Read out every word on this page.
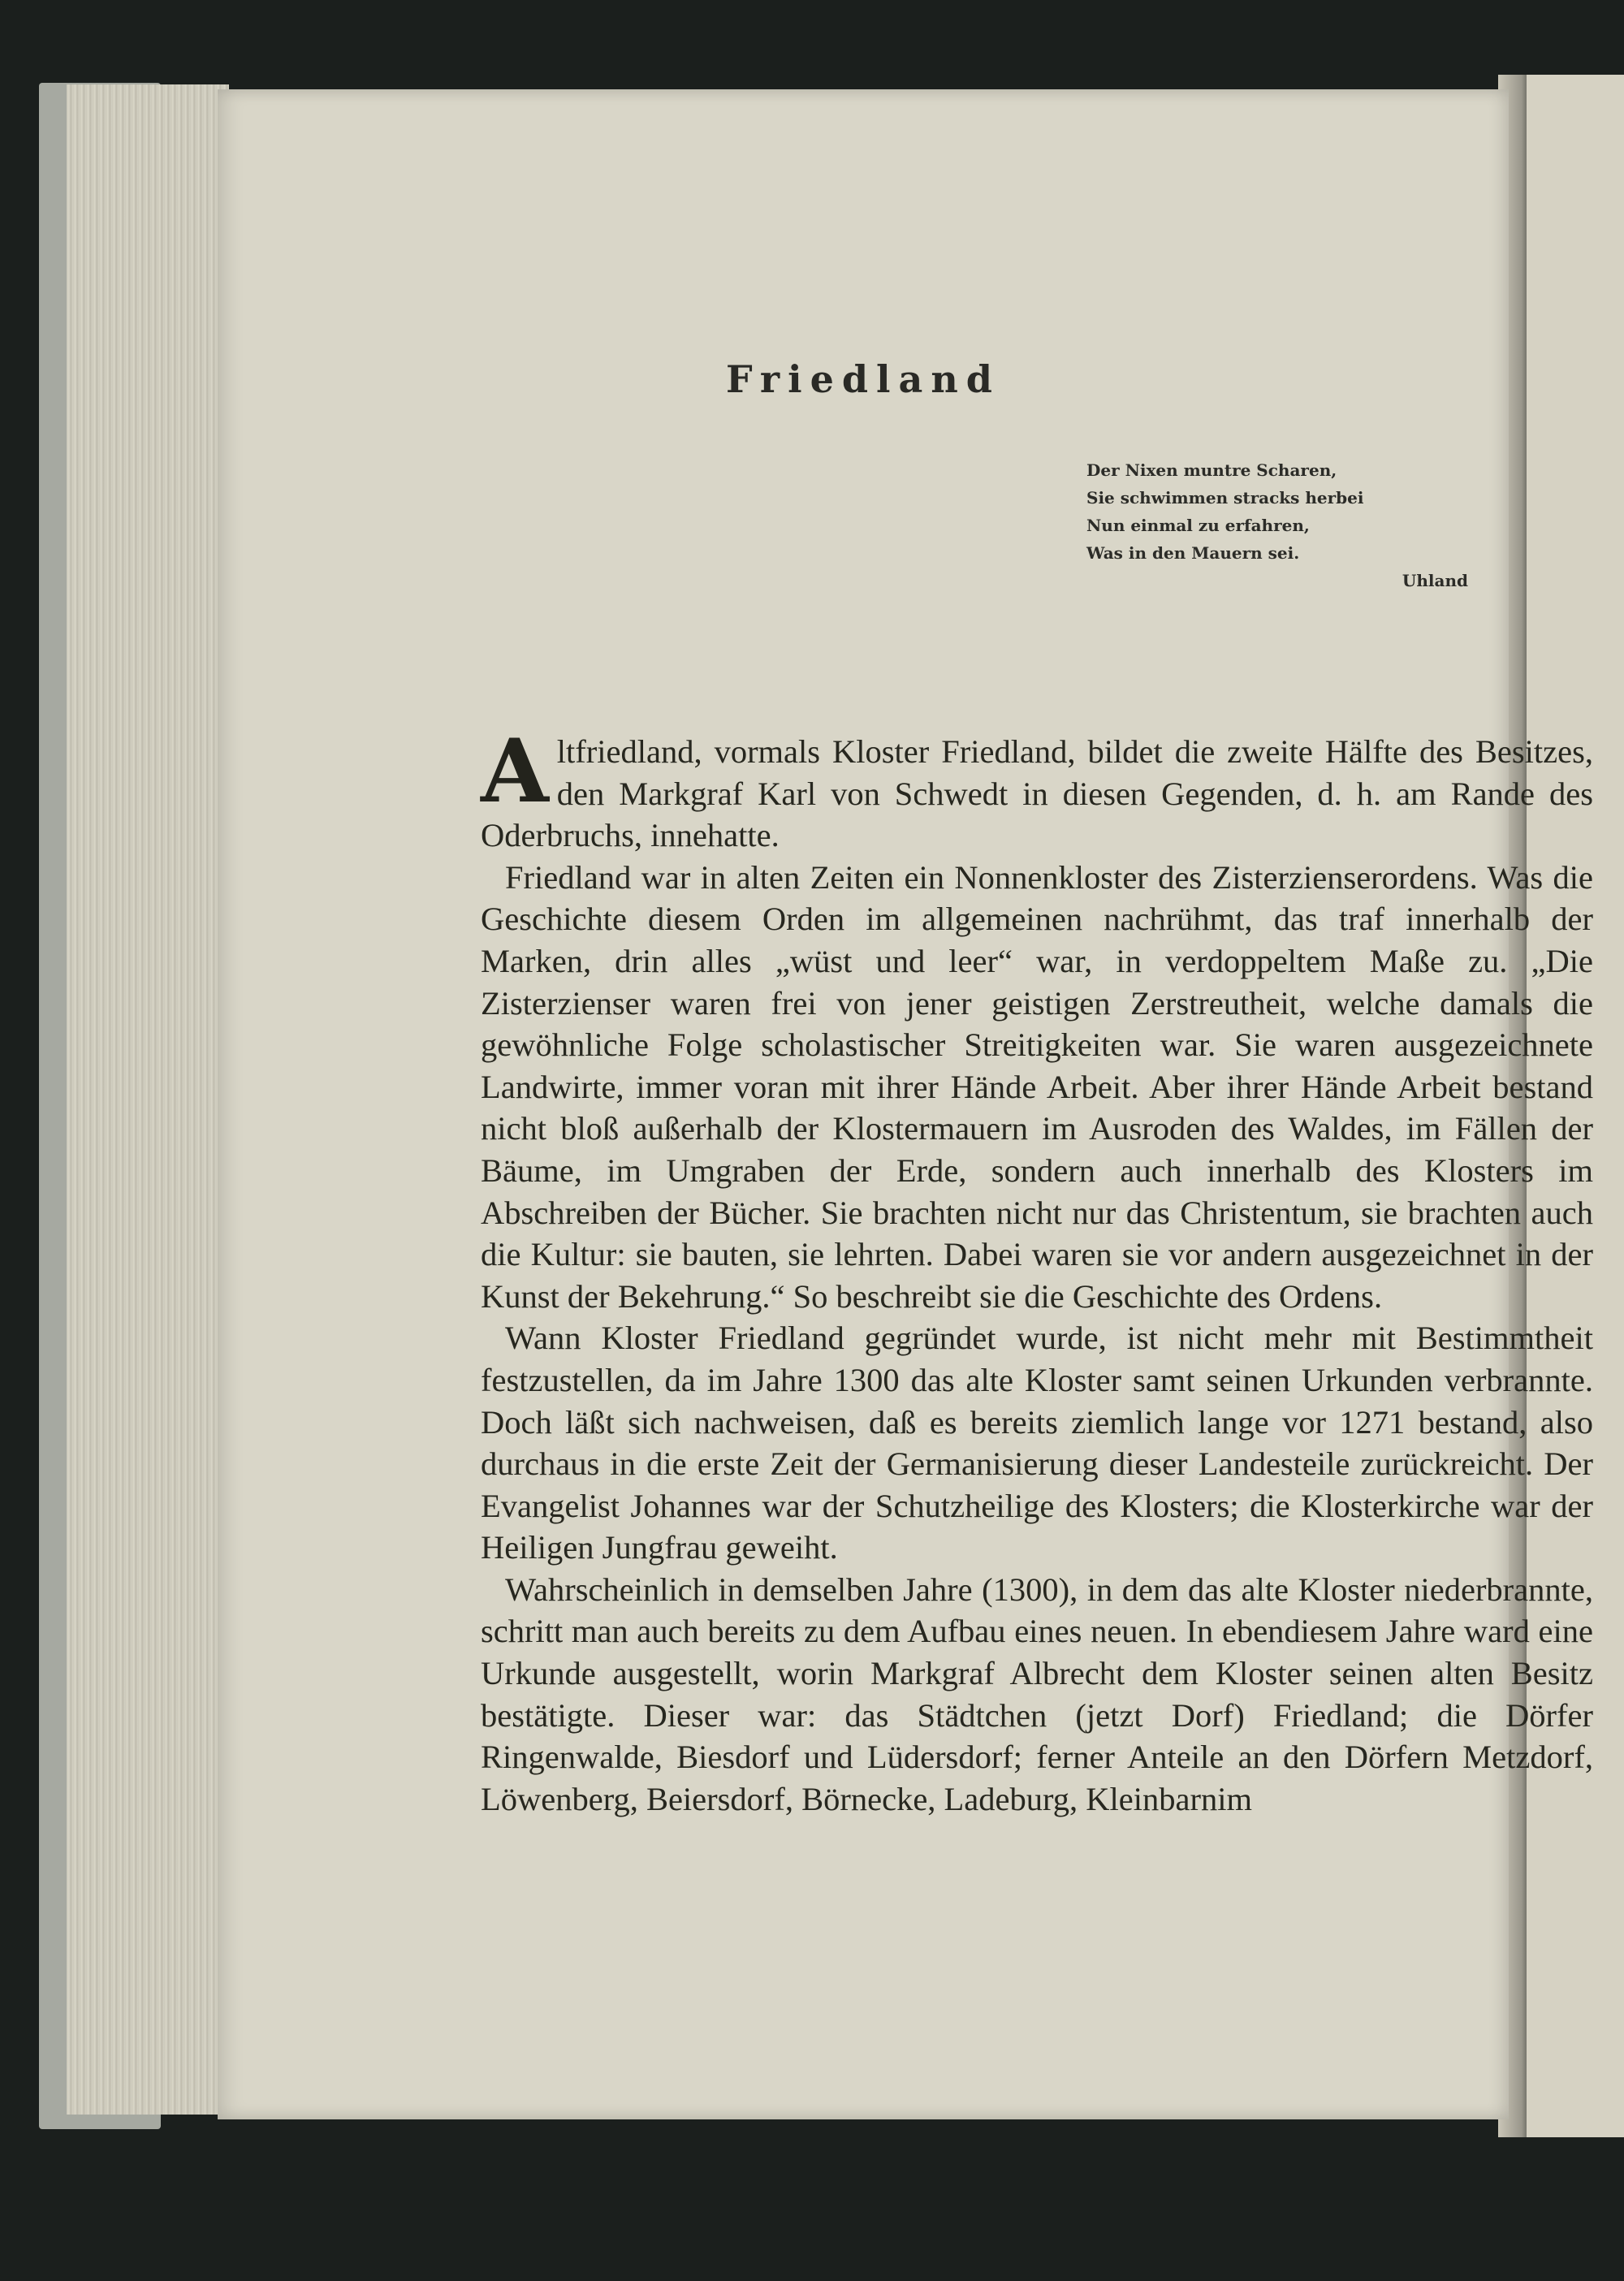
Friedland
Der Nixen muntre Scharen,
Sie schwimmen stracks herbei
Nun einmal zu erfahren,
Was in den Mauern sei.
Uhland

Altfriedland, vormals Kloster Friedland, bildet die zweite Hälfte des Besitzes, den Markgraf Karl von Schwedt in diesen Gegenden, d. h. am Rande des Oderbruchs, innehatte.

Friedland war in alten Zeiten ein Nonnenkloster des Zisterzienserordens. Was die Geschichte diesem Orden im allgemeinen nachrühmt, das traf innerhalb der Marken, drin alles „wüst und leer“ war, in verdoppeltem Maße zu. „Die Zisterzienser waren frei von jener geistigen Zerstreutheit, welche damals die gewöhnliche Folge scholastischer Streitigkeiten war. Sie waren ausgezeichnete Landwirte, immer voran mit ihrer Hände Arbeit. Aber ihrer Hände Arbeit bestand nicht bloß außerhalb der Klostermauern im Ausroden des Waldes, im Fällen der Bäume, im Umgraben der Erde, sondern auch innerhalb des Klosters im Abschreiben der Bücher. Sie brachten nicht nur das Christentum, sie brachten auch die Kultur: sie bauten, sie lehrten. Dabei waren sie vor andern ausgezeichnet in der Kunst der Bekehrung.“ So beschreibt sie die Geschichte des Ordens.

Wann Kloster Friedland gegründet wurde, ist nicht mehr mit Bestimmtheit festzustellen, da im Jahre 1300 das alte Kloster samt seinen Urkunden verbrannte. Doch läßt sich nachweisen, daß es bereits ziemlich lange vor 1271 bestand, also durchaus in die erste Zeit der Germanisierung dieser Landesteile zurückreicht. Der Evangelist Johannes war der Schutzheilige des Klosters; die Klosterkirche war der Heiligen Jungfrau geweiht.

Wahrscheinlich in demselben Jahre (1300), in dem das alte Kloster niederbrannte, schritt man auch bereits zu dem Aufbau eines neuen. In ebendiesem Jahre ward eine Urkunde ausgestellt, worin Markgraf Albrecht dem Kloster seinen alten Besitz bestätigte. Dieser war: das Städtchen (jetzt Dorf) Friedland; die Dörfer Ringenwalde, Biesdorf und Lüdersdorf; ferner Anteile an den Dörfern Metzdorf, Löwenberg, Beiersdorf, Börnecke, Ladeburg, Kleinbarnim
